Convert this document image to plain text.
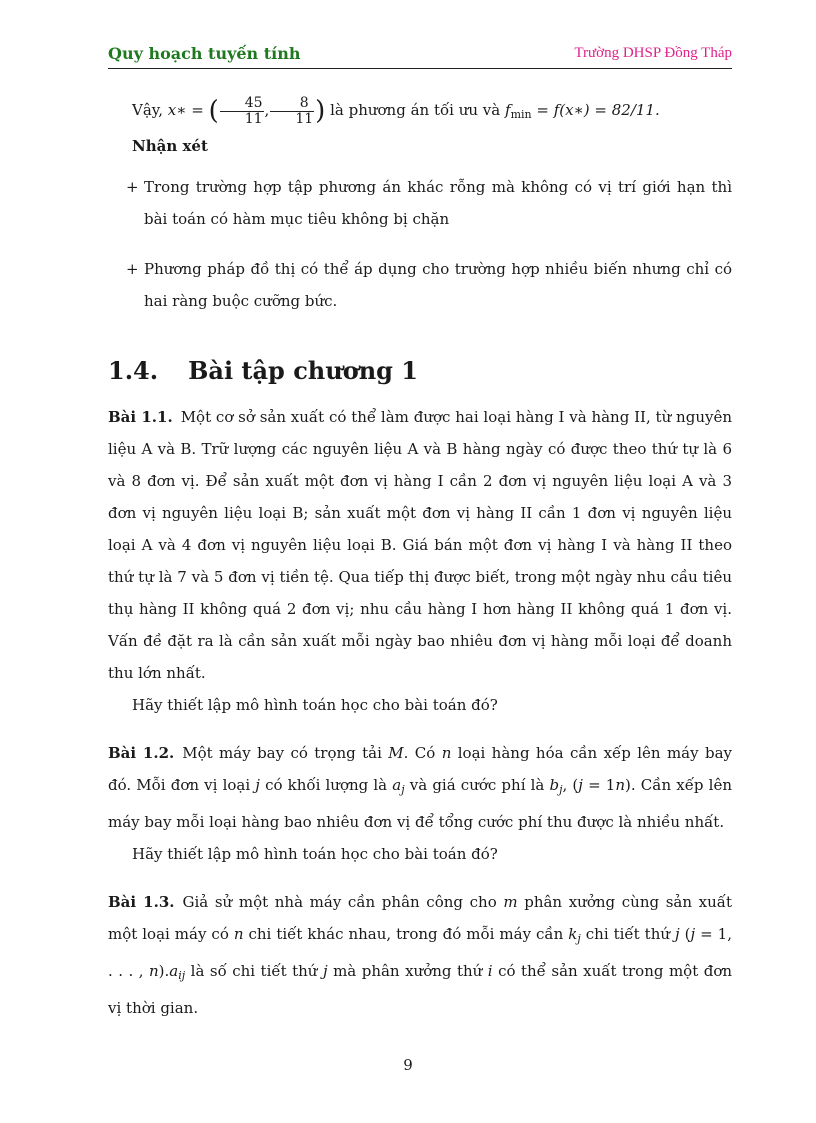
Quy hoạch tuyến tính	Trường DHSP Đồng Tháp

Vậy, x∗ = ( $\frac{45}{11}$ , $\frac{8}{11}$ ) là phương án tối ưu và $f_{min}$ = f(x∗) = 82/11.

Nhận xét

+ Trong trường hợp tập phương án khác rỗng mà không có vị trí giới hạn thì bài toán có hàm mục tiêu không bị chặn
+ Phương pháp đồ thị có thể áp dụng cho trường hợp nhiều biến nhưng chỉ có hai ràng buộc cưỡng bức.
1.4. Bài tập chương 1

Bài 1.1. Một cơ sở sản xuất có thể làm được hai loại hàng I và hàng II, từ nguyên liệu A và B. Trữ lượng các nguyên liệu A và B hàng ngày có được theo thứ tự là 6 và 8 đơn vị. Để sản xuất một đơn vị hàng I cần 2 đơn vị nguyên liệu loại A và 3 đơn vị nguyên liệu loại B; sản xuất một đơn vị hàng II cần 1 đơn vị nguyên liệu loại A và 4 đơn vị nguyên liệu loại B. Giá bán một đơn vị hàng I và hàng II theo thứ tự là 7 và 5 đơn vị tiền tệ. Qua tiếp thị được biết, trong một ngày nhu cầu tiêu thụ hàng II không quá 2 đơn vị; nhu cầu hàng I hơn hàng II không quá 1 đơn vị. Vấn đề đặt ra là cần sản xuất mỗi ngày bao nhiêu đơn vị hàng mỗi loại để doanh thu lớn nhất.

Hãy thiết lập mô hình toán học cho bài toán đó?

Bài 1.2. Một máy bay có trọng tải M. Có n loại hàng hóa cần xếp lên máy bay đó. Mỗi đơn vị loại j có khối lượng là $a_j$ và giá cước phí là $b_j$, (j = 1n). Cần xếp lên máy bay mỗi loại hàng bao nhiêu đơn vị để tổng cước phí thu được là nhiều nhất.

Hãy thiết lập mô hình toán học cho bài toán đó?

Bài 1.3. Giả sử một nhà máy cần phân công cho m phân xưởng cùng sản xuất một loại máy có n chi tiết khác nhau, trong đó mỗi máy cần $k_j$ chi tiết thứ j (j = 1, . . . , $n).a_{ij}$ là số chi tiết thứ j mà phân xưởng thứ i có thể sản xuất trong một đơn vị thời gian.

9
